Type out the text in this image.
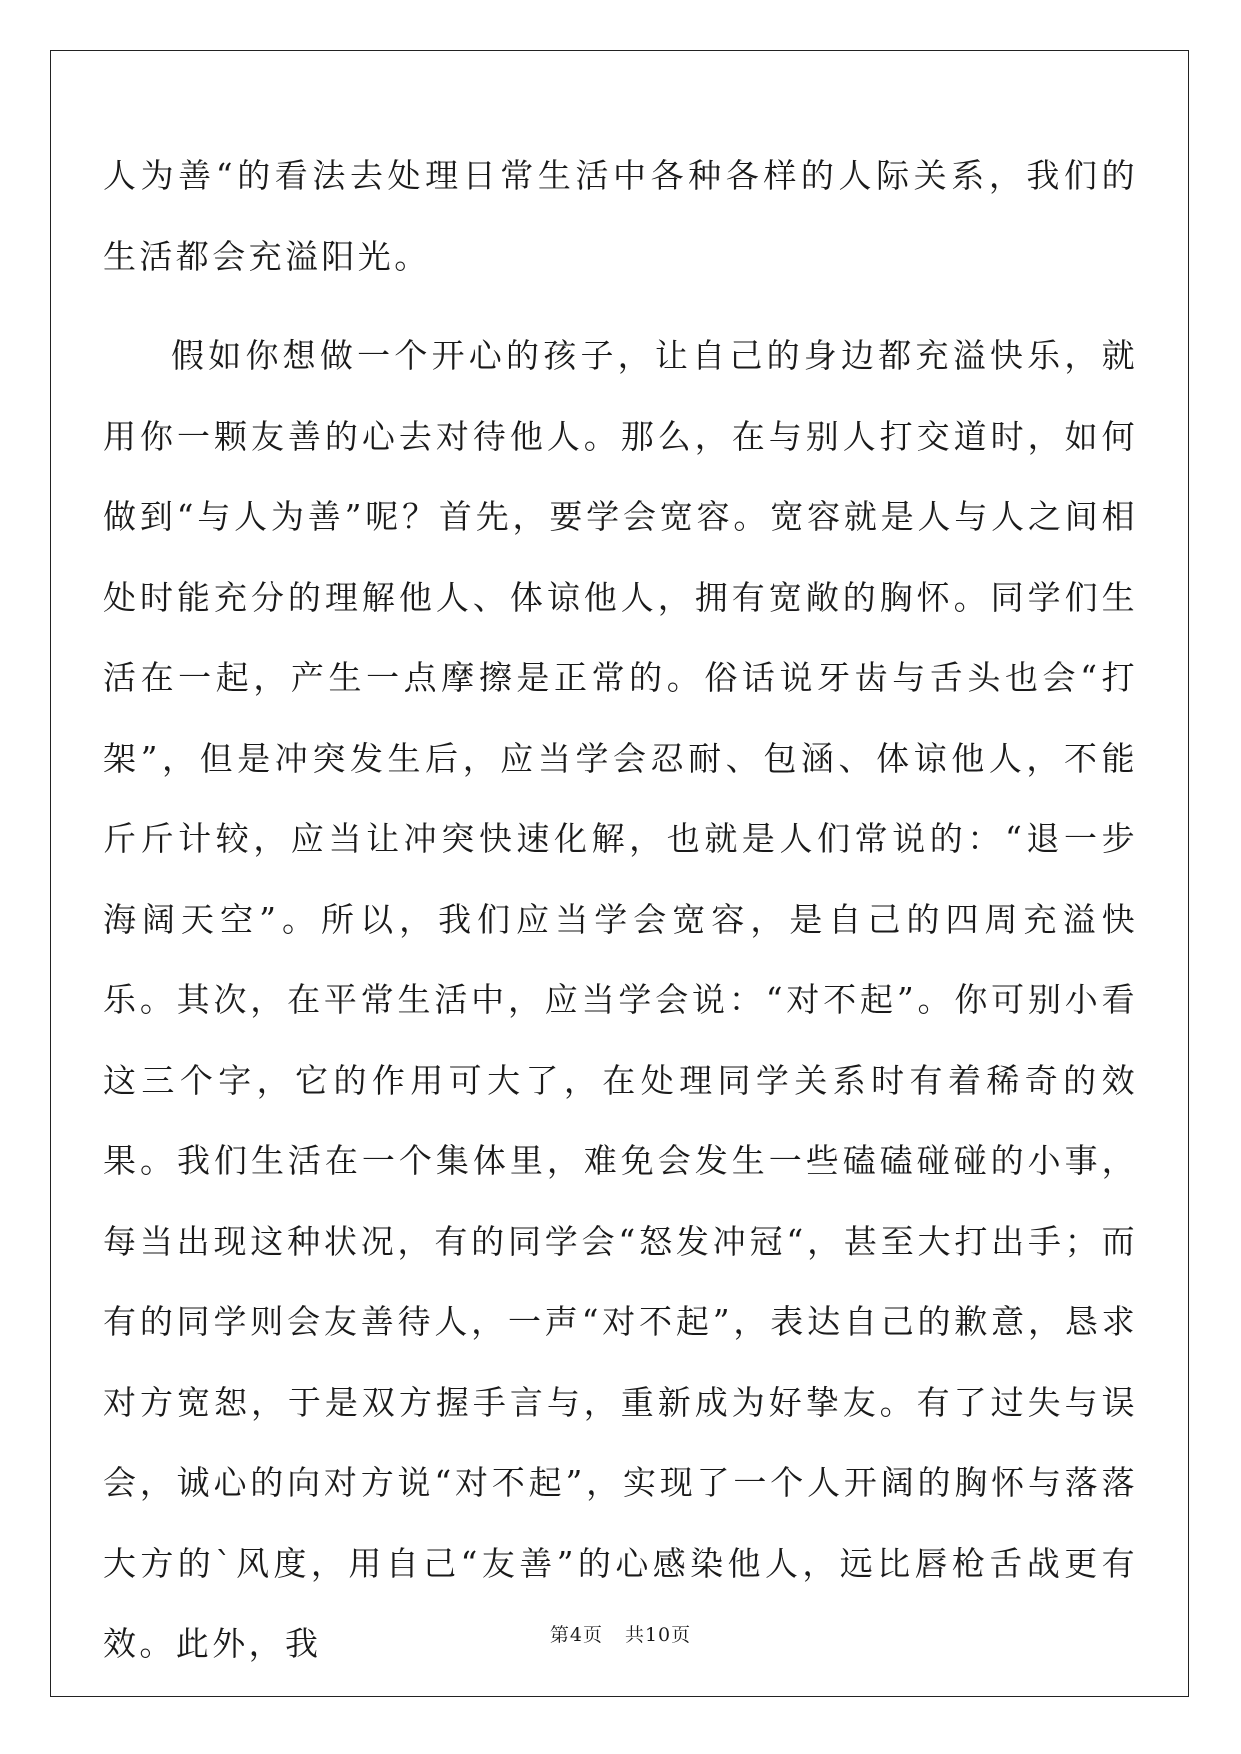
人为善“的看法去处理日常生活中各种各样的人际关系，我们的生活都会充溢阳光。

假如你想做一个开心的孩子，让自己的身边都充溢快乐，就用你一颗友善的心去对待他人。那么，在与别人打交道时，如何做到“与人为善”呢？首先，要学会宽容。宽容就是人与人之间相处时能充分的理解他人、体谅他人，拥有宽敞的胸怀。同学们生活在一起，产生一点摩擦是正常的。俗话说牙齿与舌头也会“打架”，但是冲突发生后，应当学会忍耐、包涵、体谅他人，不能斤斤计较，应当让冲突快速化解，也就是人们常说的：“退一步海阔天空”。所以，我们应当学会宽容，是自己的四周充溢快乐。其次，在平常生活中，应当学会说：“对不起”。你可别小看这三个字，它的作用可大了，在处理同学关系时有着稀奇的效果。我们生活在一个集体里，难免会发生一些磕磕碰碰的小事，每当出现这种状况，有的同学会“怒发冲冠“，甚至大打出手；而有的同学则会友善待人，一声“对不起”，表达自己的歉意，恳求对方宽恕，于是双方握手言与，重新成为好挚友。有了过失与误会，诚心的向对方说“对不起”，实现了一个人开阔的胸怀与落落大方的`风度，用自己“友善”的心感染他人，远比唇枪舌战更有效。此外，我	第4页 共10页
